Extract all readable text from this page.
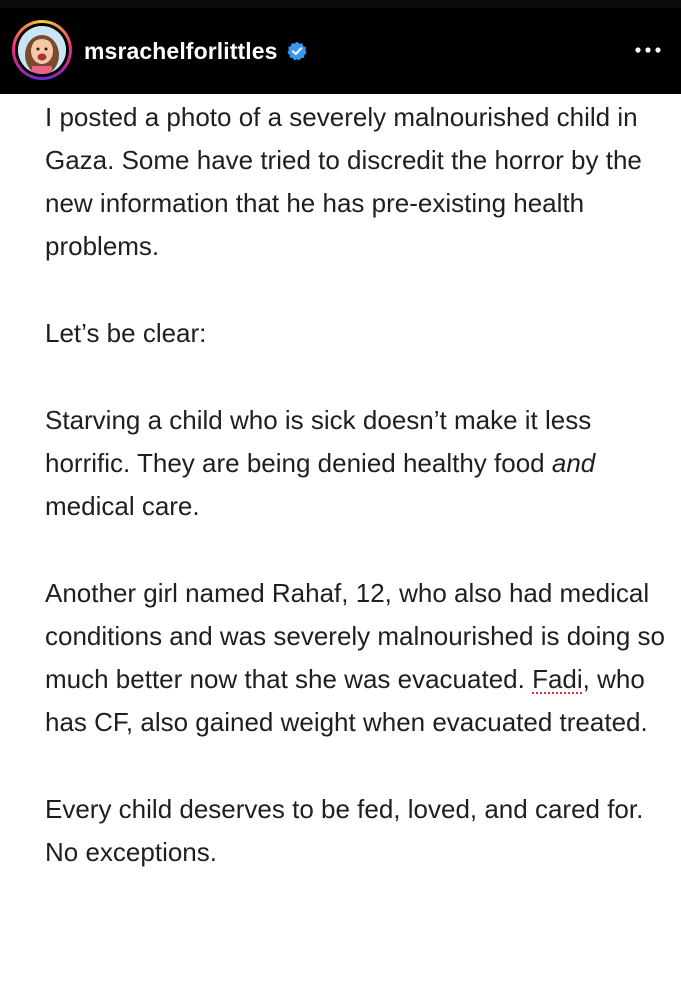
msrachelforlittles

I posted a photo of a severely malnourished child in Gaza. Some have tried to discredit the horror by the new information that he has pre-existing health problems.

Let’s be clear:

Starving a child who is sick doesn’t make it less horrific. They are being denied healthy food and medical care.

Another girl named Rahaf, 12, who also had medical conditions and was severely malnourished is doing so much better now that she was evacuated. Fadi, who has CF, also gained weight when evacuated treated.

Every child deserves to be fed, loved, and cared for. No exceptions.
